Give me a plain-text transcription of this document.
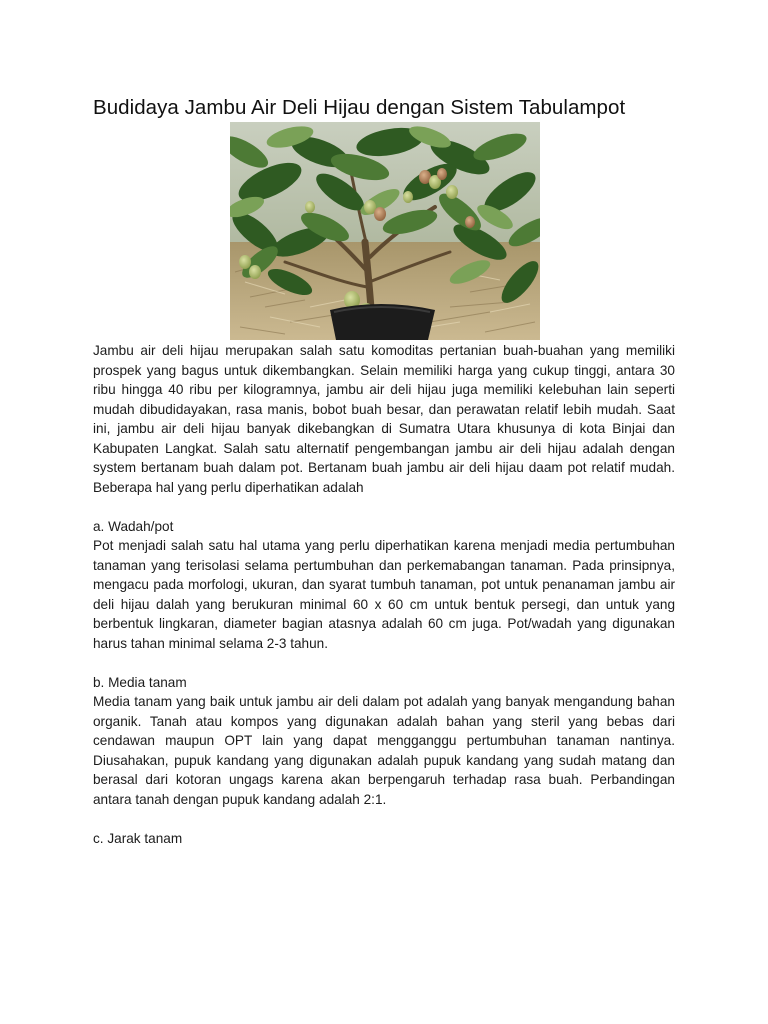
Budidaya Jambu Air Deli Hijau dengan Sistem Tabulampot

Jambu air deli hijau merupakan salah satu komoditas pertanian buah-buahan yang memiliki prospek yang bagus untuk dikembangkan. Selain memiliki harga yang cukup tinggi, antara 30 ribu hingga 40 ribu per kilogramnya, jambu air deli hijau juga memiliki kelebuhan lain seperti mudah dibudidayakan, rasa manis, bobot buah besar, dan perawatan relatif lebih mudah. Saat ini, jambu air deli hijau banyak dikebangkan di Sumatra Utara khusunya di kota Binjai dan Kabupaten Langkat. Salah satu alternatif pengembangan jambu air deli hijau adalah dengan system bertanam buah dalam pot. Bertanam buah jambu air deli hijau daam pot relatif mudah. Beberapa hal yang perlu diperhatikan adalah

a. Wadah/pot

Pot menjadi salah satu hal utama yang perlu diperhatikan karena menjadi media pertumbuhan tanaman yang terisolasi selama pertumbuhan dan perkemabangan tanaman. Pada prinsipnya, mengacu pada morfologi, ukuran, dan syarat tumbuh tanaman, pot untuk penanaman jambu air deli hijau dalah yang berukuran minimal 60 x 60 cm untuk bentuk persegi, dan untuk yang berbentuk lingkaran, diameter bagian atasnya adalah 60 cm juga. Pot/wadah yang digunakan harus tahan minimal selama 2-3 tahun.

b. Media tanam

Media tanam yang baik untuk jambu air deli dalam pot adalah yang banyak mengandung bahan organik. Tanah atau kompos yang digunakan adalah bahan yang steril yang bebas dari cendawan maupun OPT lain yang dapat mengganggu pertumbuhan tanaman nantinya. Diusahakan, pupuk kandang yang digunakan adalah pupuk kandang yang sudah matang dan berasal dari kotoran ungags karena akan berpengaruh terhadap rasa buah. Perbandingan antara tanah dengan pupuk kandang adalah 2:1.

c. Jarak tanam
